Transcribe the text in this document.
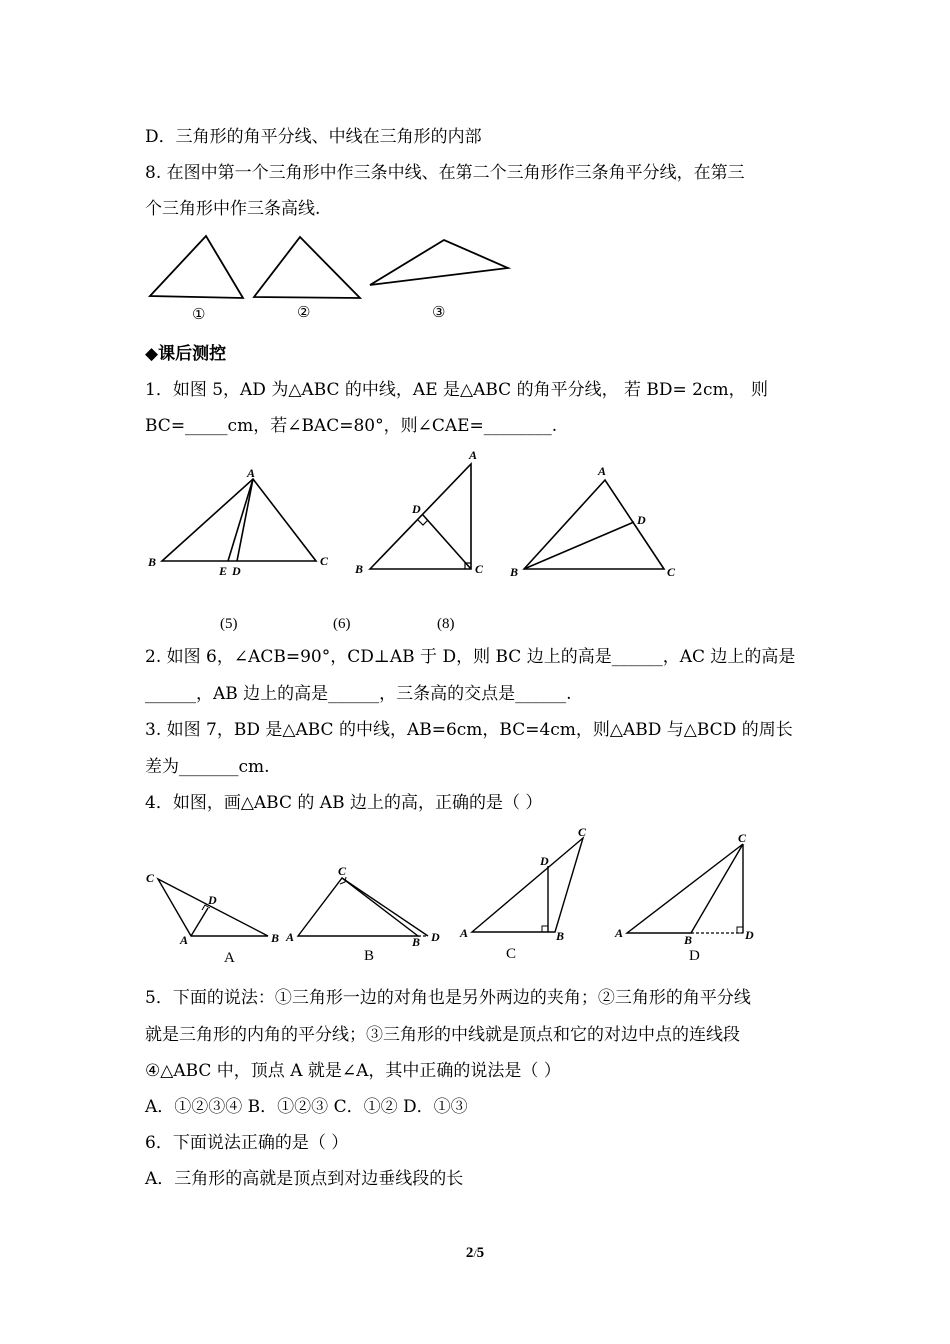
D．三角形的角平分线、中线在三角形的内部
8. 在图中第一个三角形中作三条中线、在第二个三角形作三条角平分线，在第三
个三角形中作三条高线.
①	②	③
◆课后测控
1．如图 5，AD 为△ABC 的中线，AE 是△ABC 的角平分线， 若 BD= 2cm， 则
BC=_____cm，若∠BAC=80°，则∠CAE=________.
A
B	C
E D
A
B	C
D
A
B	C
D
(5)	(6)	(8)
2. 如图 6，∠ACB=90°，CD⊥AB 于 D，则 BC 边上的高是______，AC 边上的高是
______，AB 边上的高是______，三条高的交点是______.
3. 如图 7，BD 是△ABC 的中线，AB=6cm，BC=4cm，则△ABD 与△BCD 的周长
差为_______cm.
4．如图，画△ABC 的 AB 边上的高，正确的是（ ）
C
A	B
D
A
C
A	B D
B
C
A	B
D
C
C
A	B	D
D
5．下面的说法：①三角形一边的对角也是另外两边的夹角；②三角形的角平分线
就是三角形的内角的平分线；③三角形的中线就是顶点和它的对边中点的连线段
④△ABC 中，顶点 A 就是∠A，其中正确的说法是（ ）
A．①②③④ B．①②③ C．①② D．①③
6．下面说法正确的是（ ）
A．三角形的高就是顶点到对边垂线段的长
2/5
